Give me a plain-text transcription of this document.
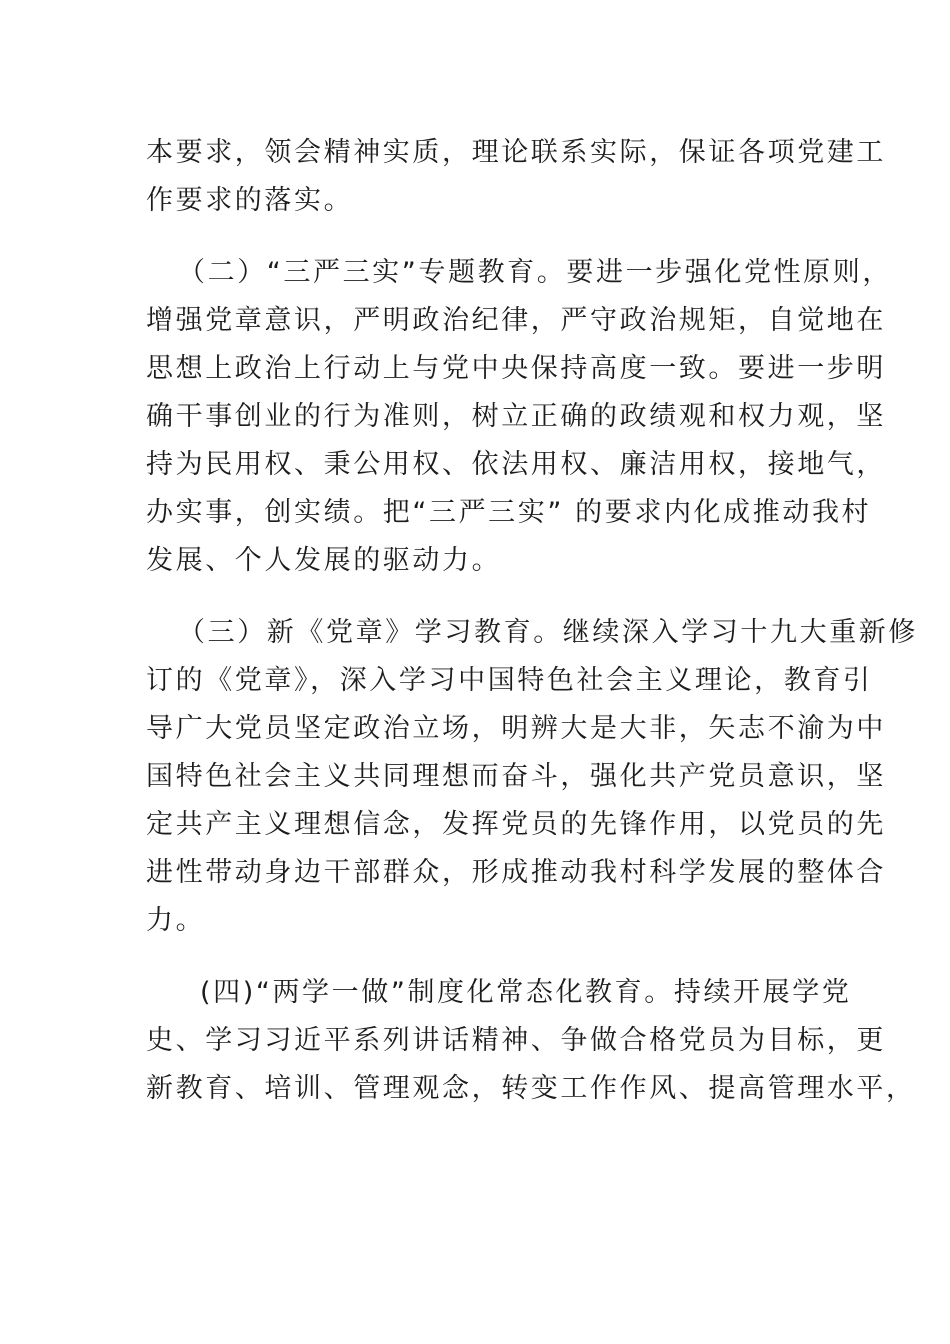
本要求，领会精神实质，理论联系实际，保证各项党建工
作要求的落实。
（二）“三严三实”专题教育。要进一步强化党性原则，
增强党章意识，严明政治纪律，严守政治规矩，自觉地在
思想上政治上行动上与党中央保持高度一致。要进一步明
确干事创业的行为准则，树立正确的政绩观和权力观，坚
持为民用权、秉公用权、依法用权、廉洁用权，接地气，
办实事，创实绩。把“三严三实” 的要求内化成推动我村
发展、个人发展的驱动力。
（三）新《党章》学习教育。继续深入学习十九大重新修
订的《党章》，深入学习中国特色社会主义理论，教育引
导广大党员坚定政治立场，明辨大是大非，矢志不渝为中
国特色社会主义共同理想而奋斗，强化共产党员意识，坚
定共产主义理想信念，发挥党员的先锋作用，以党员的先
进性带动身边干部群众，形成推动我村科学发展的整体合
力。
(四)“两学一做”制度化常态化教育。持续开展学党
史、学习习近平系列讲话精神、争做合格党员为目标，更
新教育、培训、管理观念，转变工作作风、提高管理水平，
